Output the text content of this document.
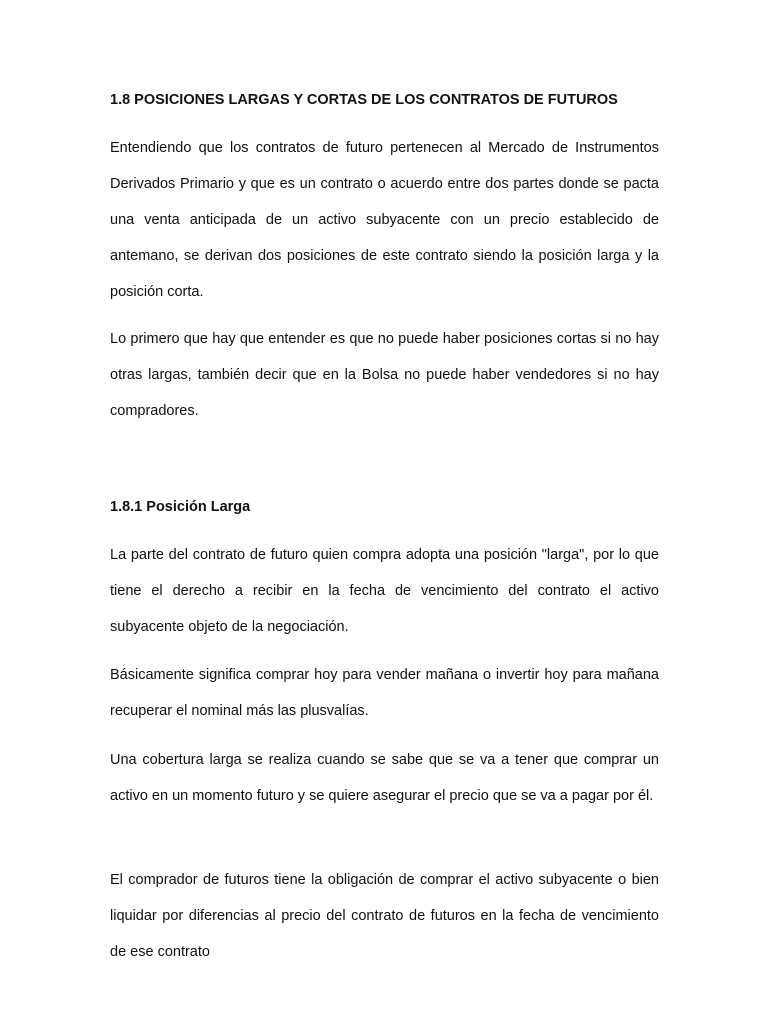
1.8 POSICIONES LARGAS Y CORTAS DE LOS CONTRATOS DE FUTUROS

Entendiendo que los contratos de futuro pertenecen al Mercado de Instrumentos Derivados Primario y que es un contrato o acuerdo entre dos partes donde se pacta una venta anticipada de un activo subyacente con un precio establecido de antemano, se derivan dos posiciones de este contrato siendo la posición larga y la posición corta.

Lo primero que hay que entender es que no puede haber posiciones cortas si no hay otras largas, también decir que en la Bolsa no puede haber vendedores si no hay compradores.

1.8.1 Posición Larga

La parte del contrato de futuro quien compra adopta una posición "larga", por lo que tiene el derecho a recibir en la fecha de vencimiento del contrato el activo subyacente objeto de la negociación.

Básicamente significa comprar hoy para vender mañana o invertir hoy para mañana recuperar el nominal más las plusvalías.

Una cobertura larga se realiza cuando se sabe que se va a tener que comprar un activo en un momento futuro y se quiere asegurar el precio que se va a pagar por él.

El comprador de futuros tiene la obligación de comprar el activo subyacente o bien liquidar por diferencias al precio del contrato de futuros en la fecha de vencimiento de ese contrato
